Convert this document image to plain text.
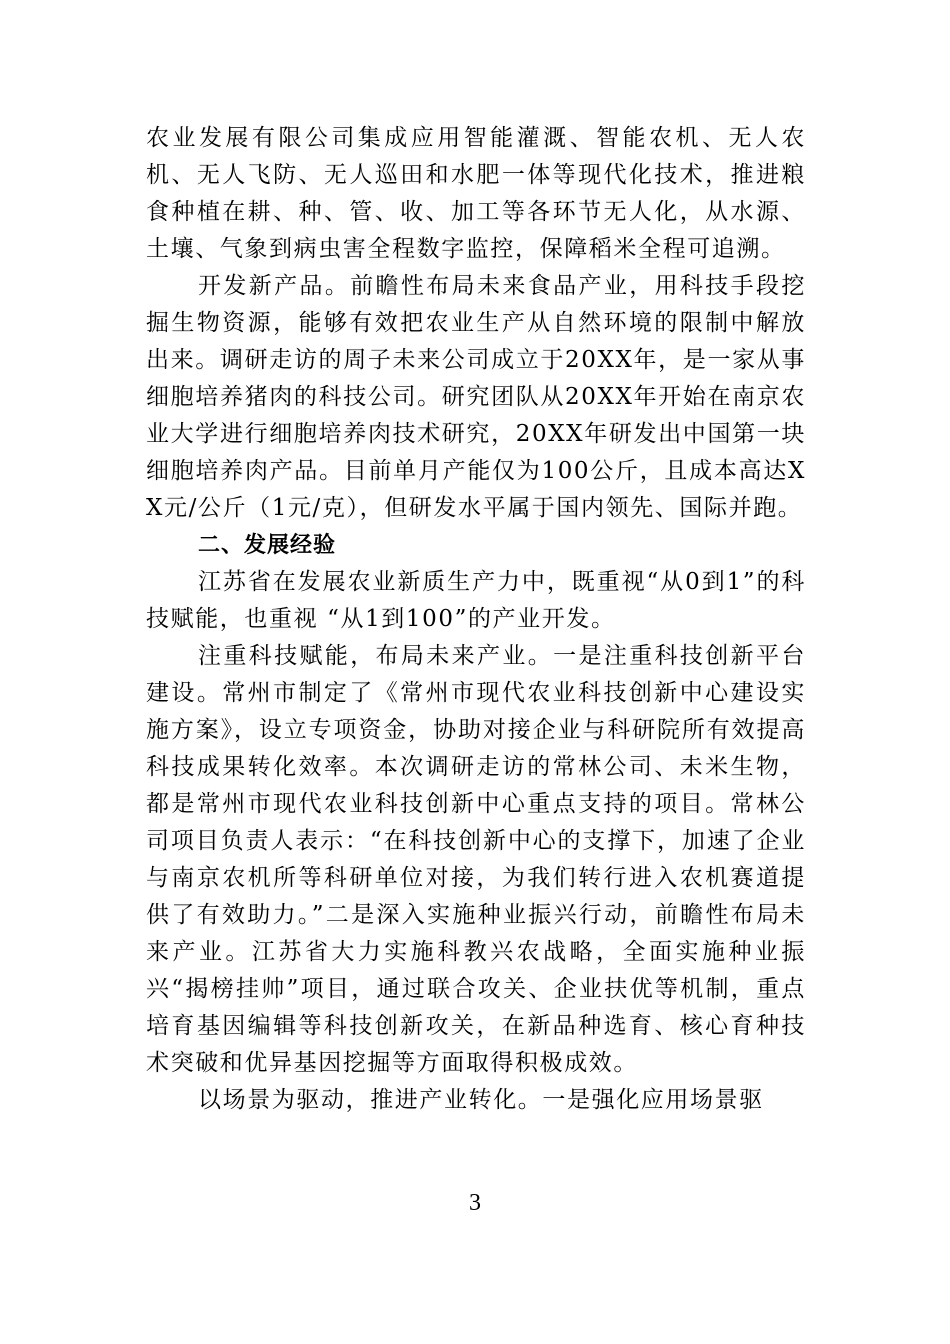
农业发展有限公司集成应用智能灌溉、智能农机、无人农机、无人飞防、无人巡田和水肥一体等现代化技术，推进粮食种植在耕、种、管、收、加工等各环节无人化，从水源、土壤、气象到病虫害全程数字监控，保障稻米全程可追溯。

开发新产品。前瞻性布局未来食品产业，用科技手段挖掘生物资源，能够有效把农业生产从自然环境的限制中解放出来。调研走访的周子未来公司成立于20XX年，是一家从事细胞培养猪肉的科技公司。研究团队从20XX年开始在南京农业大学进行细胞培养肉技术研究，20XX年研发出中国第一块细胞培养肉产品。目前单月产能仅为100公斤，且成本高达XX元/公斤（1元/克），但研发水平属于国内领先、国际并跑。

二、发展经验

江苏省在发展农业新质生产力中，既重视“从0到1”的科技赋能，也重视 “从1到100”的产业开发。

注重科技赋能，布局未来产业。一是注重科技创新平台建设。常州市制定了《常州市现代农业科技创新中心建设实施方案》，设立专项资金，协助对接企业与科研院所有效提高科技成果转化效率。本次调研走访的常林公司、未米生物，都是常州市现代农业科技创新中心重点支持的项目。常林公司项目负责人表示：“在科技创新中心的支撑下，加速了企业与南京农机所等科研单位对接，为我们转行进入农机赛道提供了有效助力。”二是深入实施种业振兴行动，前瞻性布局未来产业。江苏省大力实施科教兴农战略，全面实施种业振兴“揭榜挂帅”项目，通过联合攻关、企业扶优等机制，重点培育基因编辑等科技创新攻关，在新品种选育、核心育种技术突破和优异基因挖掘等方面取得积极成效。

以场景为驱动，推进产业转化。一是强化应用场景驱

3
